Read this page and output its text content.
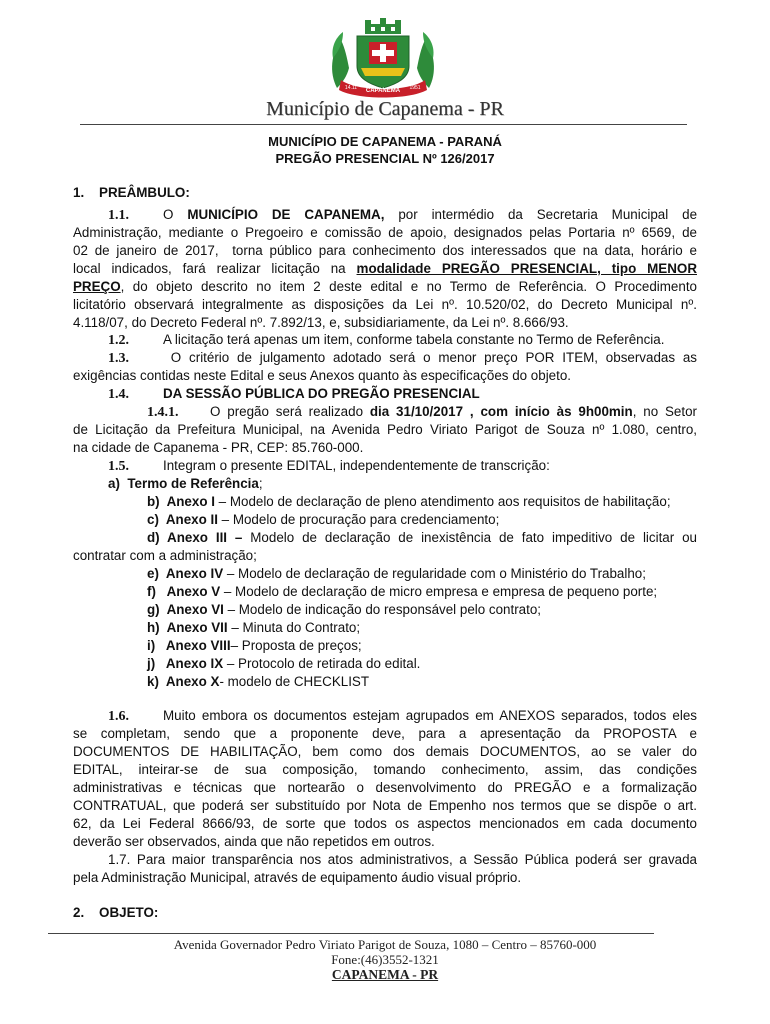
CAPANEMA
14.11	1951
Município de Capanema - PR
MUNICÍPIO DE CAPANEMA - PARANÁ
PREGÃO PRESENCIAL Nº 126/2017
1.    PREÂMBULO:
1.1.	O MUNICÍPIO DE CAPANEMA, por intermédio da Secretaria Municipal de
Administração, mediante o Pregoeiro e comissão de apoio, designados pelas Portaria nº 6569, de
02 de janeiro de 2017,  torna público para conhecimento dos interessados que na data, horário e
local indicados, fará realizar licitação na modalidade PREGÃO PRESENCIAL, tipo MENOR
PREÇO, do objeto descrito no item 2 deste edital e no Termo de Referência. O Procedimento
licitatório observará integralmente as disposições da Lei nº. 10.520/02, do Decreto Municipal nº.
4.118/07, do Decreto Federal nº. 7.892/13, e, subsidiariamente, da Lei nº. 8.666/93.
1.2.	A licitação terá apenas um item, conforme tabela constante no Termo de Referência.
1.3.	O critério de julgamento adotado será o menor preço POR ITEM, observadas as
exigências contidas neste Edital e seus Anexos quanto às especificações do objeto.
1.4.	DA SESSÃO PÚBLICA DO PREGÃO PRESENCIAL
1.4.1. O pregão será realizado dia 31/10/2017 , com início às 9h00min, no Setor
de Licitação da Prefeitura Municipal, na Avenida Pedro Viriato Parigot de Souza nº 1.080, centro,
na cidade de Capanema - PR, CEP: 85.760-000.
1.5.	Integram o presente EDITAL, independentemente de transcrição:
a)  Termo de Referência;
b)  Anexo I – Modelo de declaração de pleno atendimento aos requisitos de habilitação;
c)  Anexo II – Modelo de procuração para credenciamento;
d)  Anexo  III  –  Modelo  de  declaração  de  inexistência  de  fato  impeditivo  de  licitar  ou
contratar com a administração;
e)  Anexo IV – Modelo de declaração de regularidade com o Ministério do Trabalho;
f)   Anexo V – Modelo de declaração de micro empresa e empresa de pequeno porte;
g)  Anexo VI – Modelo de indicação do responsável pelo contrato;
h)  Anexo VII – Minuta do Contrato;
i)   Anexo VIII– Proposta de preços;
j)   Anexo IX – Protocolo de retirada do edital.
k)  Anexo X- modelo de CHECKLIST
1.6.	Muito embora os documentos estejam agrupados em ANEXOS separados, todos eles
se  completam,  sendo  que  a  proponente  deve,  para  a  apresentação  da  PROPOSTA  e
DOCUMENTOS  DE  HABILITAÇÃO,  bem  como  dos  demais  DOCUMENTOS,  ao  se  valer  do
EDITAL,  inteirar-se  de  sua  composição,  tomando  conhecimento,  assim,  das  condições
administrativas  e  técnicas  que  nortearão  o  desenvolvimento  do  PREGÃO  e  a  formalização
CONTRATUAL, que poderá ser substituído por Nota de Empenho nos termos que se dispõe o art.
62, da Lei Federal 8666/93, de sorte que todos os aspectos mencionados em cada documento
deverão ser observados, ainda que não repetidos em outros.
1.7. Para maior transparência nos atos administrativos, a Sessão Pública poderá ser gravada
pela Administração Municipal, através de equipamento áudio visual próprio.
2.    OBJETO:
Avenida Governador Pedro Viriato Parigot de Souza, 1080 – Centro – 85760-000
Fone:(46)3552-1321
CAPANEMA - PR
